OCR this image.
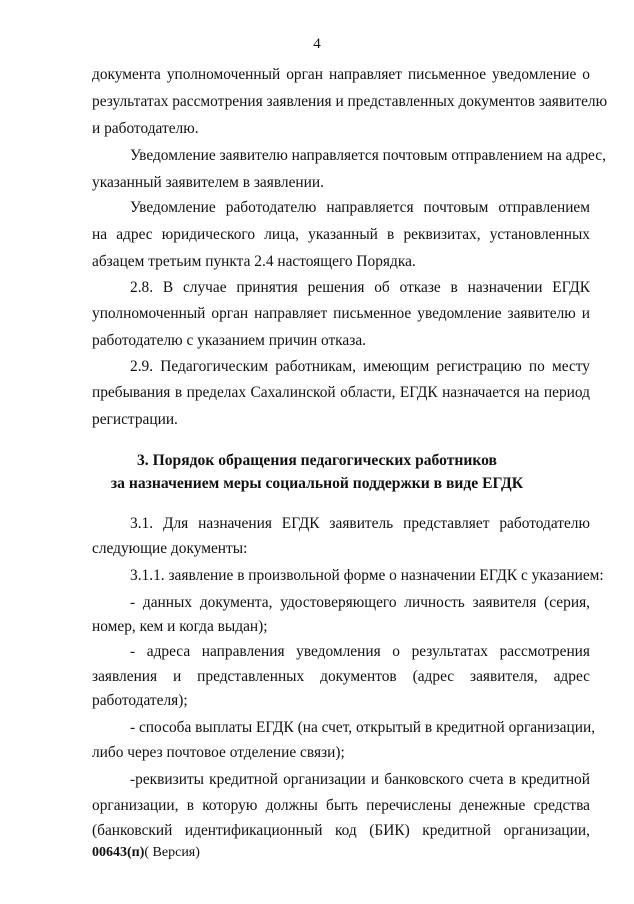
4
документа уполномоченный орган направляет письменное уведомление о
результатах рассмотрения заявления и представленных документов заявителю
и работодателю.
Уведомление заявителю направляется почтовым отправлением на адрес,
указанный заявителем в заявлении.
Уведомление работодателю направляется почтовым отправлением
на адрес юридического лица, указанный в реквизитах, установленных
абзацем третьим пункта 2.4 настоящего Порядка.
2.8. В случае принятия решения об отказе в назначении ЕГДК
уполномоченный орган направляет письменное уведомление заявителю и
работодателю с указанием причин отказа.
2.9. Педагогическим работникам, имеющим регистрацию по месту
пребывания в пределах Сахалинской области, ЕГДК назначается на период
регистрации.
3. Порядок обращения педагогических работников
за назначением меры социальной поддержки в виде ЕГДК
3.1. Для назначения ЕГДК заявитель представляет работодателю
следующие документы:
3.1.1. заявление в произвольной форме о назначении ЕГДК с указанием:
- данных документа, удостоверяющего личность заявителя (серия,
номер, кем и когда выдан);
- адреса направления уведомления о результатах рассмотрения
заявления и представленных документов (адрес заявителя, адрес
работодателя);
- способа выплаты ЕГДК (на счет, открытый в кредитной организации,
либо через почтовое отделение связи);
-реквизиты кредитной организации и банковского счета в кредитной
организации, в которую должны быть перечислены денежные средства
(банковский идентификационный код (БИК) кредитной организации,
00643(п)( Версия)
